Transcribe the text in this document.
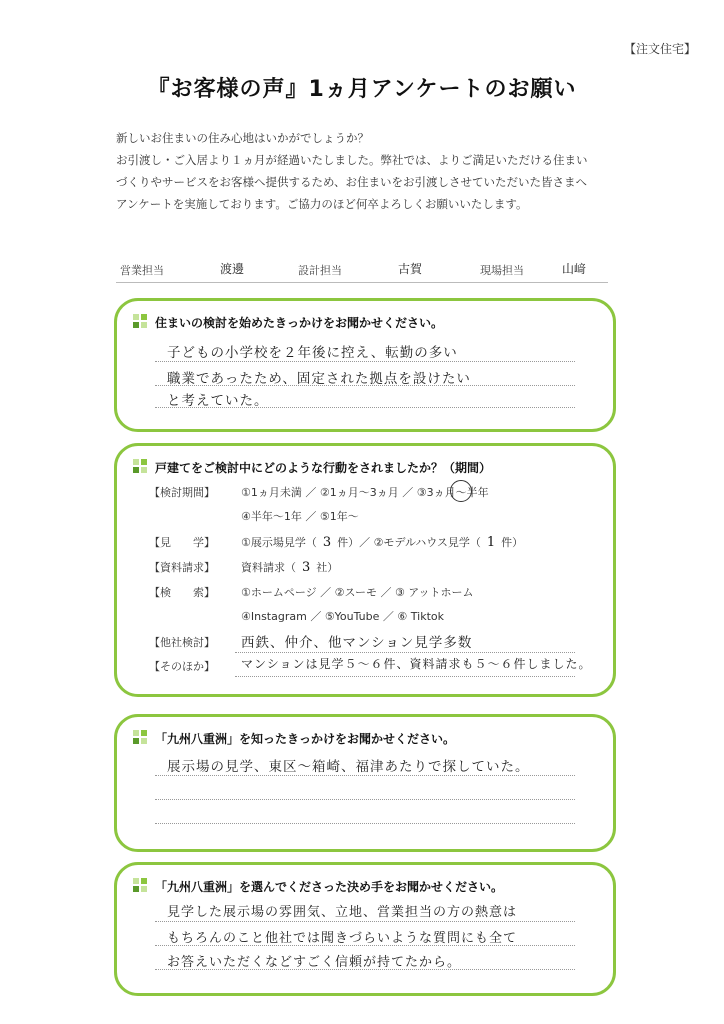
【注文住宅】
『お客様の声』1ヵ月アンケートのお願い
新しいお住まいの住み心地はいかがでしょうか？
お引渡し・ご入居より１ヵ月が経過いたしました。弊社では、よりご満足いただける住まい
づくりやサービスをお客様へ提供するため、お住まいをお引渡しさせていただいた皆さまへ
アンケートを実施しております。ご協力のほど何卒よろしくお願いいたします。
営業担当	渡邊	設計担当	古賀	現場担当	山﨑
住まいの検討を始めたきっかけをお聞かせください。
子どもの小学校を２年後に控え、転勤の多い
職業であったため、固定された拠点を設けたい
と考えていた。
戸建てをご検討中にどのような行動をされましたか？（期間）
【検討期間】	①1ヵ月未満 ／ ②1ヵ月～3ヵ月 ／ ③3ヵ月～半年
④半年～1年 ／ ⑤1年～
【見　　学】	①展示場見学（ 3 件）／ ②モデルハウス見学（ 1 件）
【資料請求】	資料請求（ 3 社）
【検　　索】	①ホームページ ／ ②スーモ ／ ③ アットホーム
④Instagram ／ ⑤YouTube ／ ⑥ Tiktok
【他社検討】	西鉄、仲介、他マンション見学多数
【そのほか】	マンションは見学５～６件、資料請求も５～６件しました。
「九州八重洲」を知ったきっかけをお聞かせください。
展示場の見学、東区～箱崎、福津あたりで探していた。
「九州八重洲」を選んでくださった決め手をお聞かせください。
見学した展示場の雰囲気、立地、営業担当の方の熱意は
もちろんのこと他社では聞きづらいような質問にも全て
お答えいただくなどすごく信頼が持てたから。
